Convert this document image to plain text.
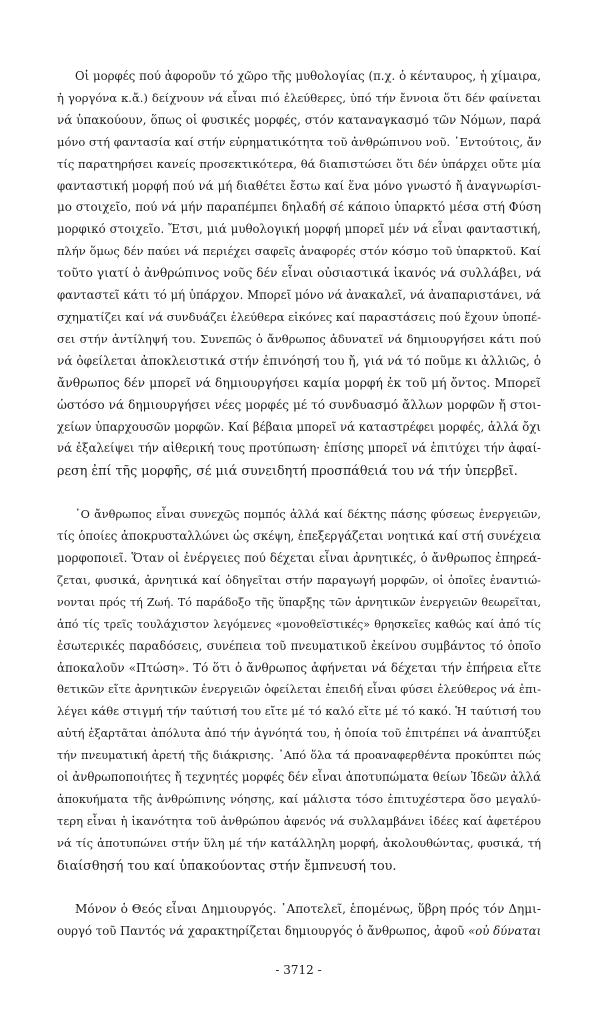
Οἱ μορφές πού ἀφοροῦν τό χῶρο τῆς μυθολογίας (π.χ. ὁ κένταυρος, ἡ χίμαιρα,
ἡ γοργόνα κ.ἄ.) δείχνουν νά εἶναι πιό ἐλεύθερες, ὑπό τήν ἔννοια ὅτι δέν φαίνεται
νά ὑπακούουν, ὅπως οἱ φυσικές μορφές, στόν καταναγκασμό τῶν Νόμων, παρά
μόνο στή φαντασία καί στήν εὐρηματικότητα τοῦ ἀνθρώπινου νοῦ. ᾿Εντούτοις, ἄν
τίς παρατηρήσει κανείς προσεκτικότερα, θά διαπιστώσει ὅτι δέν ὑπάρχει οὔτε μία
φανταστική μορφή πού νά μή διαθέτει ἔστω καί ἕνα μόνο γνωστό ἤ ἀναγνωρίσι-
μο στοιχεῖο, πού νά μήν παραπέμπει δηλαδή σέ κάποιο ὑπαρκτό μέσα στή Φύση
μορφικό στοιχεῖο. Ἔτσι, μιά μυθολογική μορφή μπορεῖ μέν νά εἶναι φανταστική,
πλήν ὅμως δέν παύει νά περιέχει σαφεῖς ἀναφορές στόν κόσμο τοῦ ὑπαρκτοῦ. Καί
τοῦτο γιατί ὁ ἀνθρώπινος νοῦς δέν εἶναι οὐσιαστικά ἱκανός νά συλλάβει, νά
φανταστεῖ κάτι τό μή ὑπάρχον. Μπορεῖ μόνο νά ἀνακαλεῖ, νά ἀναπαριστάνει, νά
σχηματίζει καί νά συνδυάζει ἐλεύθερα εἰκόνες καί παραστάσεις πού ἔχουν ὑποπέ-
σει στήν ἀντίληψή του. Συνεπῶς ὁ ἄνθρωπος ἀδυνατεῖ νά δημιουργήσει κάτι πού
νά ὀφείλεται ἀποκλειστικά στήν ἐπινόησή του ἤ, γιά νά τό ποῦμε κι ἀλλιῶς, ὁ
ἄνθρωπος δέν μπορεῖ νά δημιουργήσει καμία μορφή ἐκ τοῦ μή ὄντος. Μπορεῖ
ὡστόσο νά δημιουργήσει νέες μορφές μέ τό συνδυασμό ἄλλων μορφῶν ἤ στοι-
χείων ὑπαρχουσῶν μορφῶν. Καί βέβαια μπορεῖ νά καταστρέφει μορφές, ἀλλά ὄχι
νά ἐξαλείψει τήν αἰθερική τους προτύπωση· ἐπίσης μπορεῖ νά ἐπιτύχει τήν ἀφαί-
ρεση ἐπί τῆς μορφῆς, σέ μιά συνειδητή προσπάθειά του νά τήν ὑπερβεῖ.
῾Ο ἄνθρωπος εἶναι συνεχῶς πομπός ἀλλά καί δέκτης πάσης φύσεως ἐνεργειῶν,
τίς ὁποίες ἀποκρυσταλλώνει ὡς σκέψη, ἐπεξεργάζεται νοητικά καί στή συνέχεια
μορφοποιεῖ. Ὅταν οἱ ἐνέργειες πού δέχεται εἶναι ἀρνητικές, ὁ ἄνθρωπος ἐπηρεά-
ζεται, φυσικά, ἀρνητικά καί ὁδηγεῖται στήν παραγωγή μορφῶν, οἱ ὁποῖες ἐναντιώ-
νονται πρός τή Ζωή. Τό παράδοξο τῆς ὕπαρξης τῶν ἀρνητικῶν ἐνεργειῶν θεωρεῖται,
ἀπό τίς τρεῖς τουλάχιστον λεγόμενες «μονοθεϊστικές» θρησκεῖες καθώς καί ἀπό τίς
ἐσωτερικές παραδόσεις, συνέπεια τοῦ πνευματικοῦ ἐκείνου συμβάντος τό ὁποῖο
ἀποκαλοῦν «Πτώση». Τό ὅτι ὁ ἄνθρωπος ἀφήνεται νά δέχεται τήν ἐπήρεια εἴτε
θετικῶν εἴτε ἀρνητικῶν ἐνεργειῶν ὀφείλεται ἐπειδή εἶναι φύσει ἐλεύθερος νά ἐπι-
λέγει κάθε στιγμή τήν ταύτισή του εἴτε μέ τό καλό εἴτε μέ τό κακό. Ἡ ταύτισή του
αὐτή ἐξαρτᾶται ἀπόλυτα ἀπό τήν ἀγνόητά του, ἡ ὁποία τοῦ ἐπιτρέπει νά ἀναπτύξει
τήν πνευματική ἀρετή τῆς διάκρισης. ᾿Από ὅλα τά προαναφερθέντα προκύπτει πώς
οἱ ἀνθρωποποιήτες ἤ τεχνητές μορφές δέν εἶναι ἀποτυπώματα θείων Ἰδεῶν ἀλλά
ἀποκυήματα τῆς ἀνθρώπινης νόησης, καί μάλιστα τόσο ἐπιτυχέστερα ὅσο μεγαλύ-
τερη εἶναι ἡ ἱκανότητα τοῦ ἀνθρώπου ἀφενός νά συλλαμβάνει ἰδέες καί ἀφετέρου
νά τίς ἀποτυπώνει στήν ὕλη μέ τήν κατάλληλη μορφή, ἀκολουθώντας, φυσικά, τή
διαίσθησή του καί ὑπακούοντας στήν ἔμπνευσή του.
Μόνον ὁ Θεός εἶναι Δημιουργός. ᾿Αποτελεῖ, ἑπομένως, ὕβρη πρός τόν Δημι-
ουργό τοῦ Παντός νά χαρακτηρίζεται δημιουργός ὁ ἄνθρωπος, ἀφοῦ «οὐ δύναται
- 3712 -
